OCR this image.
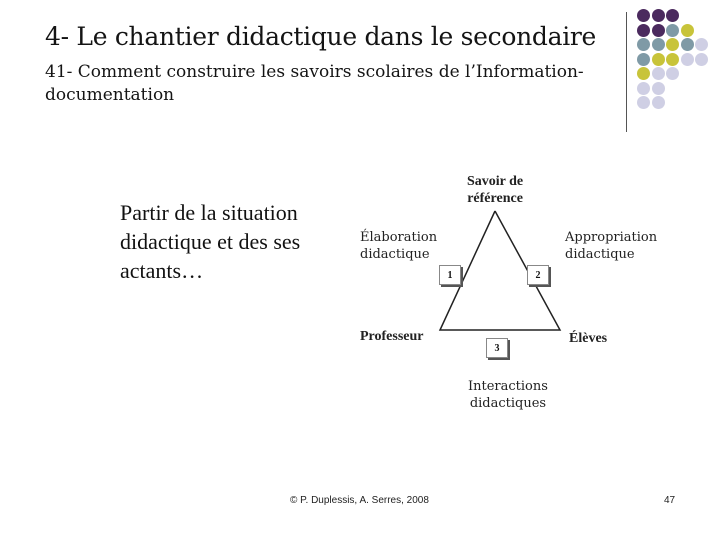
4- Le chantier didactique dans le secondaire
41- Comment construire les savoirs scolaires de l’Information-documentation
Partir de la situation didactique et des ses actants…
Savoir de
référence
Élaboration
didactique
Appropriation
didactique
Professeur	Élèves
Interactions
didactiques
1	2
3
© P. Duplessis, A. Serres, 2008	47
